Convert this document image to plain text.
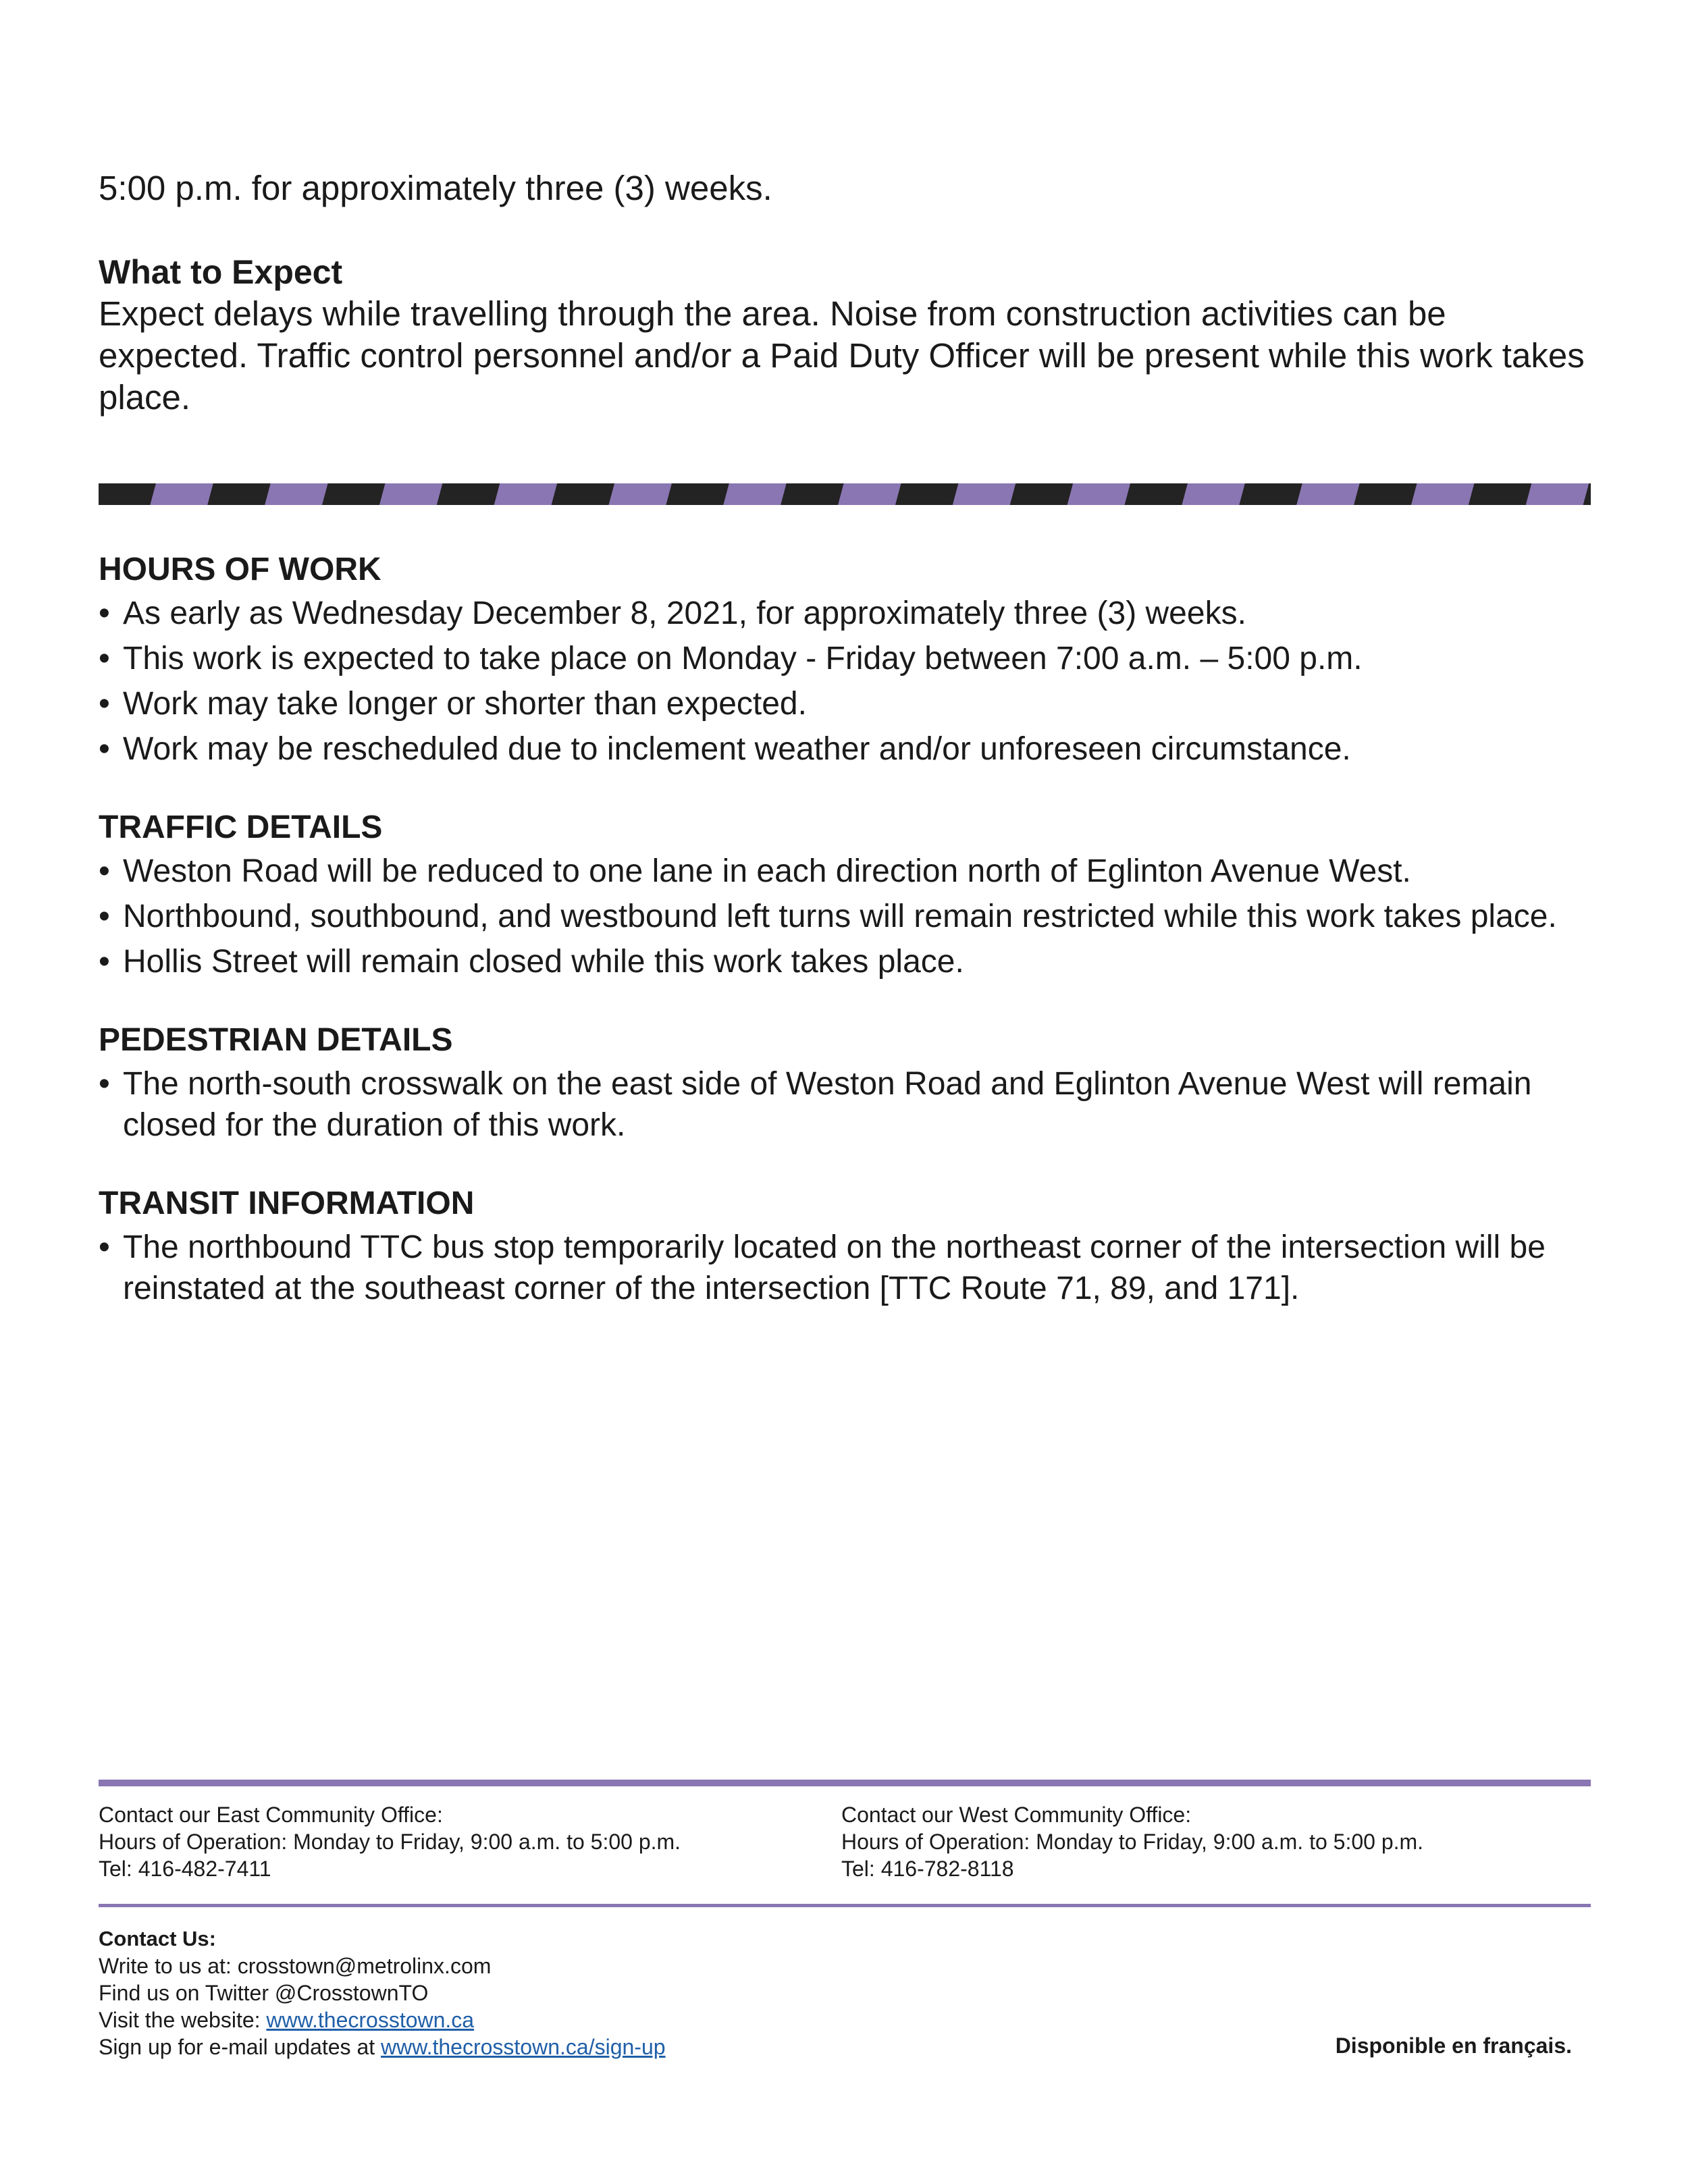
5:00 p.m. for approximately three (3) weeks.

What to Expect

Expect delays while travelling through the area. Noise from construction activities can be expected. Traffic control personnel and/or a Paid Duty Officer will be present while this work takes place.

HOURS OF WORK

• As early as Wednesday December 8, 2021, for approximately three (3) weeks.
• This work is expected to take place on Monday - Friday between 7:00 a.m. – 5:00 p.m.
• Work may take longer or shorter than expected.
• Work may be rescheduled due to inclement weather and/or unforeseen circumstance.

TRAFFIC DETAILS

• Weston Road will be reduced to one lane in each direction north of Eglinton Avenue West.
• Northbound, southbound, and westbound left turns will remain restricted while this work takes place.
• Hollis Street will remain closed while this work takes place.

PEDESTRIAN DETAILS

• The north-south crosswalk on the east side of Weston Road and Eglinton Avenue West will remain closed for the duration of this work.

TRANSIT INFORMATION

• The northbound TTC bus stop temporarily located on the northeast corner of the intersection will be reinstated at the southeast corner of the intersection [TTC Route 71, 89, and 171].

Contact our East Community Office:

Hours of Operation: Monday to Friday, 9:00 a.m. to 5:00 p.m.

Tel: 416-482-7411

Contact our West Community Office:

Hours of Operation: Monday to Friday, 9:00 a.m. to 5:00 p.m.

Tel: 416-782-8118

Contact Us:

Write to us at: crosstown@metrolinx.com

Find us on Twitter @CrosstownTO

Visit the website: www.thecrosstown.ca

Sign up for e-mail updates at www.thecrosstown.ca/sign-up	Disponible en français.
